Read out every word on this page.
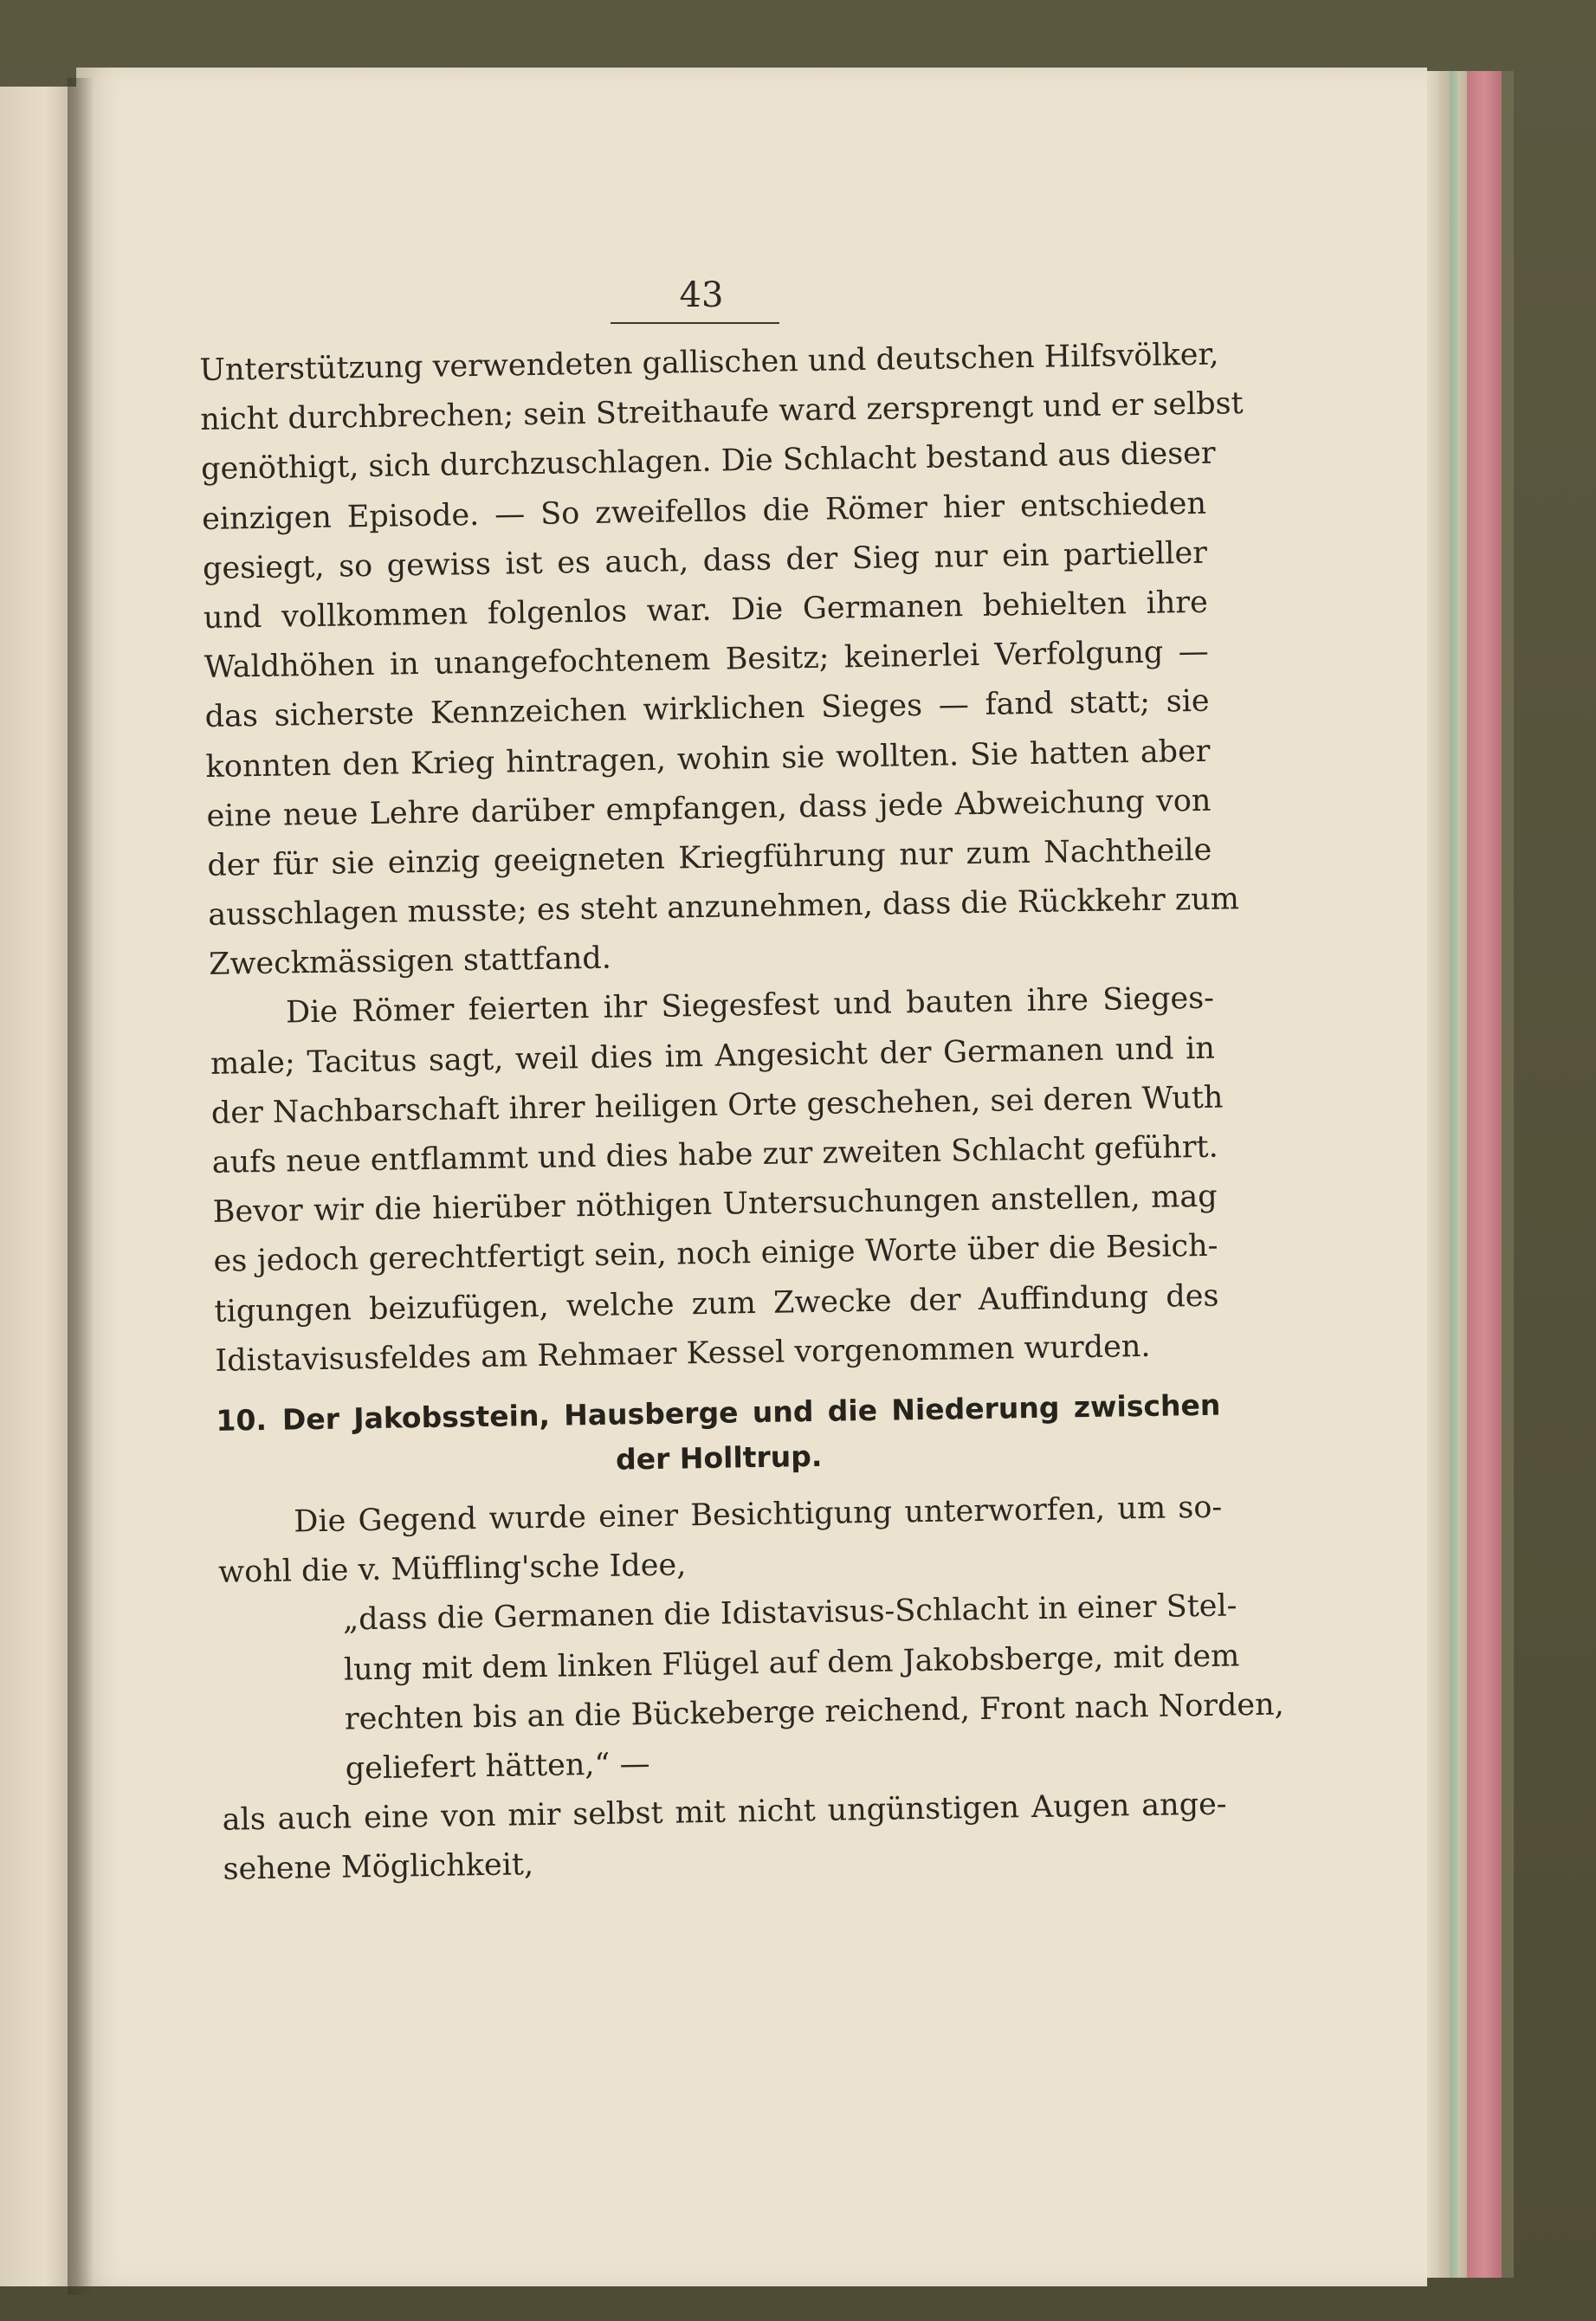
43
Unterstützung verwendeten gallischen und deutschen Hilfsvölker,
nicht durchbrechen; sein Streithaufe ward zersprengt und er selbst
genöthigt, sich durchzuschlagen. Die Schlacht bestand aus dieser
einzigen Episode. — So zweifellos die Römer hier entschieden
gesiegt, so gewiss ist es auch, dass der Sieg nur ein partieller
und vollkommen folgenlos war. Die Germanen behielten ihre
Waldhöhen in unangefochtenem Besitz; keinerlei Verfolgung —
das sicherste Kennzeichen wirklichen Sieges — fand statt; sie
konnten den Krieg hintragen, wohin sie wollten. Sie hatten aber
eine neue Lehre darüber empfangen, dass jede Abweichung von
der für sie einzig geeigneten Kriegführung nur zum Nachtheile
ausschlagen musste; es steht anzunehmen, dass die Rückkehr zum
Zweckmässigen stattfand.
Die Römer feierten ihr Siegesfest und bauten ihre Sieges-
male; Tacitus sagt, weil dies im Angesicht der Germanen und in
der Nachbarschaft ihrer heiligen Orte geschehen, sei deren Wuth
aufs neue entflammt und dies habe zur zweiten Schlacht geführt.
Bevor wir die hierüber nöthigen Untersuchungen anstellen, mag
es jedoch gerechtfertigt sein, noch einige Worte über die Besich-
tigungen beizufügen, welche zum Zwecke der Auffindung des
Idistavisusfeldes am Rehmaer Kessel vorgenommen wurden.
10. Der Jakobsstein, Hausberge und die Niederung zwischen
der Holltrup.
Die Gegend wurde einer Besichtigung unterworfen, um so-
wohl die v. Müffling'sche Idee,
„dass die Germanen die Idistavisus-Schlacht in einer Stel-
lung mit dem linken Flügel auf dem Jakobsberge, mit dem
rechten bis an die Bückeberge reichend, Front nach Norden,
geliefert hätten,“ —
als auch eine von mir selbst mit nicht ungünstigen Augen ange-
sehene Möglichkeit,
